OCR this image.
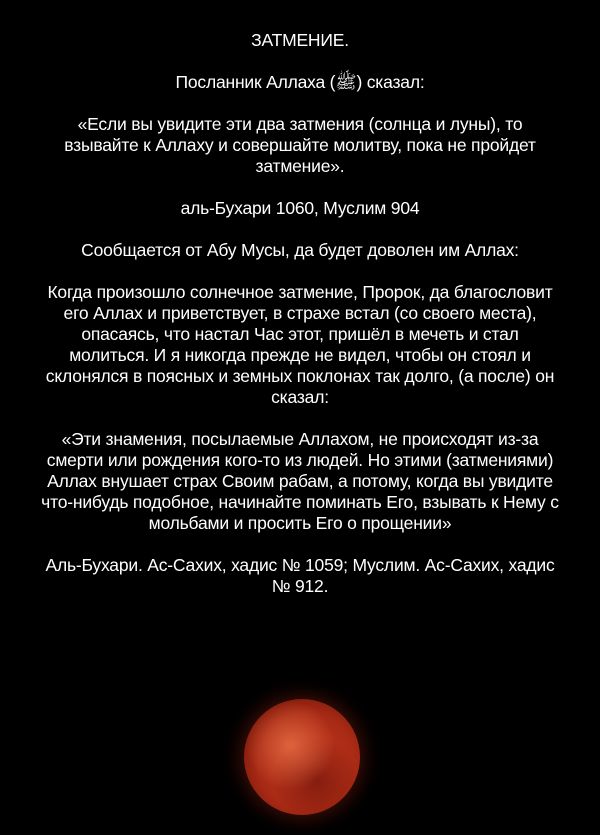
ЗАТМЕНИЕ.

Посланник Аллаха (ﷺ) сказал:

«Если вы увидите эти два затмения (солнца и луны), то взывайте к Аллаху и совершайте молитву, пока не пройдет затмение».

аль-Бухари 1060, Муслим 904

Сообщается от Абу Мусы, да будет доволен им Аллах:

Когда произошло солнечное затмение, Пророк, да благословит его Аллах и приветствует, в страхе встал (со своего места), опасаясь, что настал Час этот, пришёл в мечеть и стал молиться. И я никогда прежде не видел, чтобы он стоял и склонялся в поясных и земных поклонах так долго, (а после) он сказал:

«Эти знамения, посылаемые Аллахом, не происходят из-за смерти или рождения кого-то из людей. Но этими (затмениями) Аллах внушает страх Своим рабам, а потому, когда вы увидите что-нибудь подобное, начинайте поминать Его, взывать к Нему с мольбами и просить Его о прощении»

Аль-Бухари. Ас-Сахих, хадис № 1059; Муслим. Ас-Сахих, хадис № 912.
